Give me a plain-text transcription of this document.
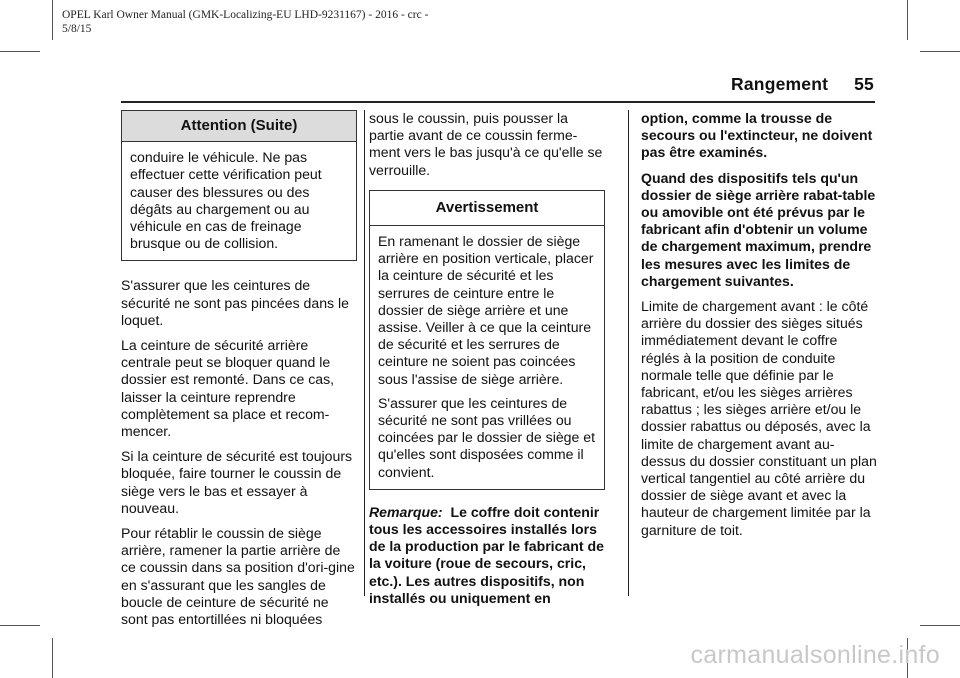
OPEL Karl Owner Manual (GMK-Localizing-EU LHD-9231167) - 2016 - crc -
5/8/15
Rangement 55
Attention (Suite)

conduire le véhicule. Ne pas effectuer cette vérification peut causer des blessures ou des dégâts au chargement ou au véhicule en cas de freinage brusque ou de collision.

S'assurer que les ceintures de sécurité ne sont pas pincées dans le loquet.

La ceinture de sécurité arrière centrale peut se bloquer quand le dossier est remonté. Dans ce cas, laisser la ceinture reprendre complètement sa place et recom-mencer.

Si la ceinture de sécurité est toujours bloquée, faire tourner le coussin de siège vers le bas et essayer à nouveau.

Pour rétablir le coussin de siège arrière, ramener la partie arrière de ce coussin dans sa position d'ori-gine en s'assurant que les sangles de boucle de ceinture de sécurité ne sont pas entortillées ni bloquées

sous le coussin, puis pousser la partie avant de ce coussin ferme-ment vers le bas jusqu'à ce qu'elle se verrouille.

Avertissement

En ramenant le dossier de siège arrière en position verticale, placer la ceinture de sécurité et les serrures de ceinture entre le dossier de siège arrière et une assise. Veiller à ce que la ceinture de sécurité et les serrures de ceinture ne soient pas coincées sous l'assise de siège arrière.

S'assurer que les ceintures de sécurité ne sont pas vrillées ou coincées par le dossier de siège et qu'elles sont disposées comme il convient.

Remarque: Le coffre doit contenir tous les accessoires installés lors de la production par le fabricant de la voiture (roue de secours, cric, etc.). Les autres dispositifs, non installés ou uniquement en

option, comme la trousse de secours ou l'extincteur, ne doivent pas être examinés.

Quand des dispositifs tels qu'un dossier de siège arrière rabat-table ou amovible ont été prévus par le fabricant afin d'obtenir un volume de chargement maximum, prendre les mesures avec les limites de chargement suivantes.

Limite de chargement avant : le côté arrière du dossier des sièges situés immédiatement devant le coffre réglés à la position de conduite normale telle que définie par le fabricant, et/ou les sièges arrières rabattus ; les sièges arrière et/ou le dossier rabattus ou déposés, avec la limite de chargement avant au-dessus du dossier constituant un plan vertical tangentiel au côté arrière du dossier de siège avant et avec la hauteur de chargement limitée par la garniture de toit.

carmanualsonline.info
